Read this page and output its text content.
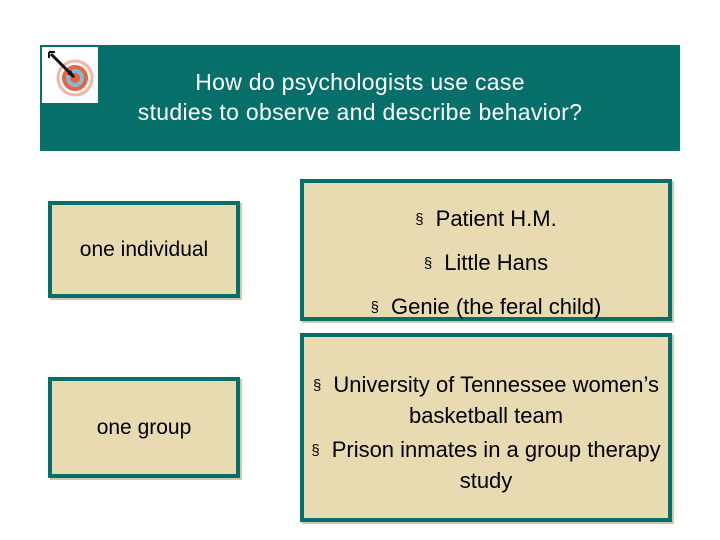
How do psychologists use case
studies to observe and describe behavior?
one individual
§ Patient H.M.
§ Little Hans
§ Genie (the feral child)
one group
§ University of Tennessee women’s basketball team
§ Prison inmates in a group therapy study
